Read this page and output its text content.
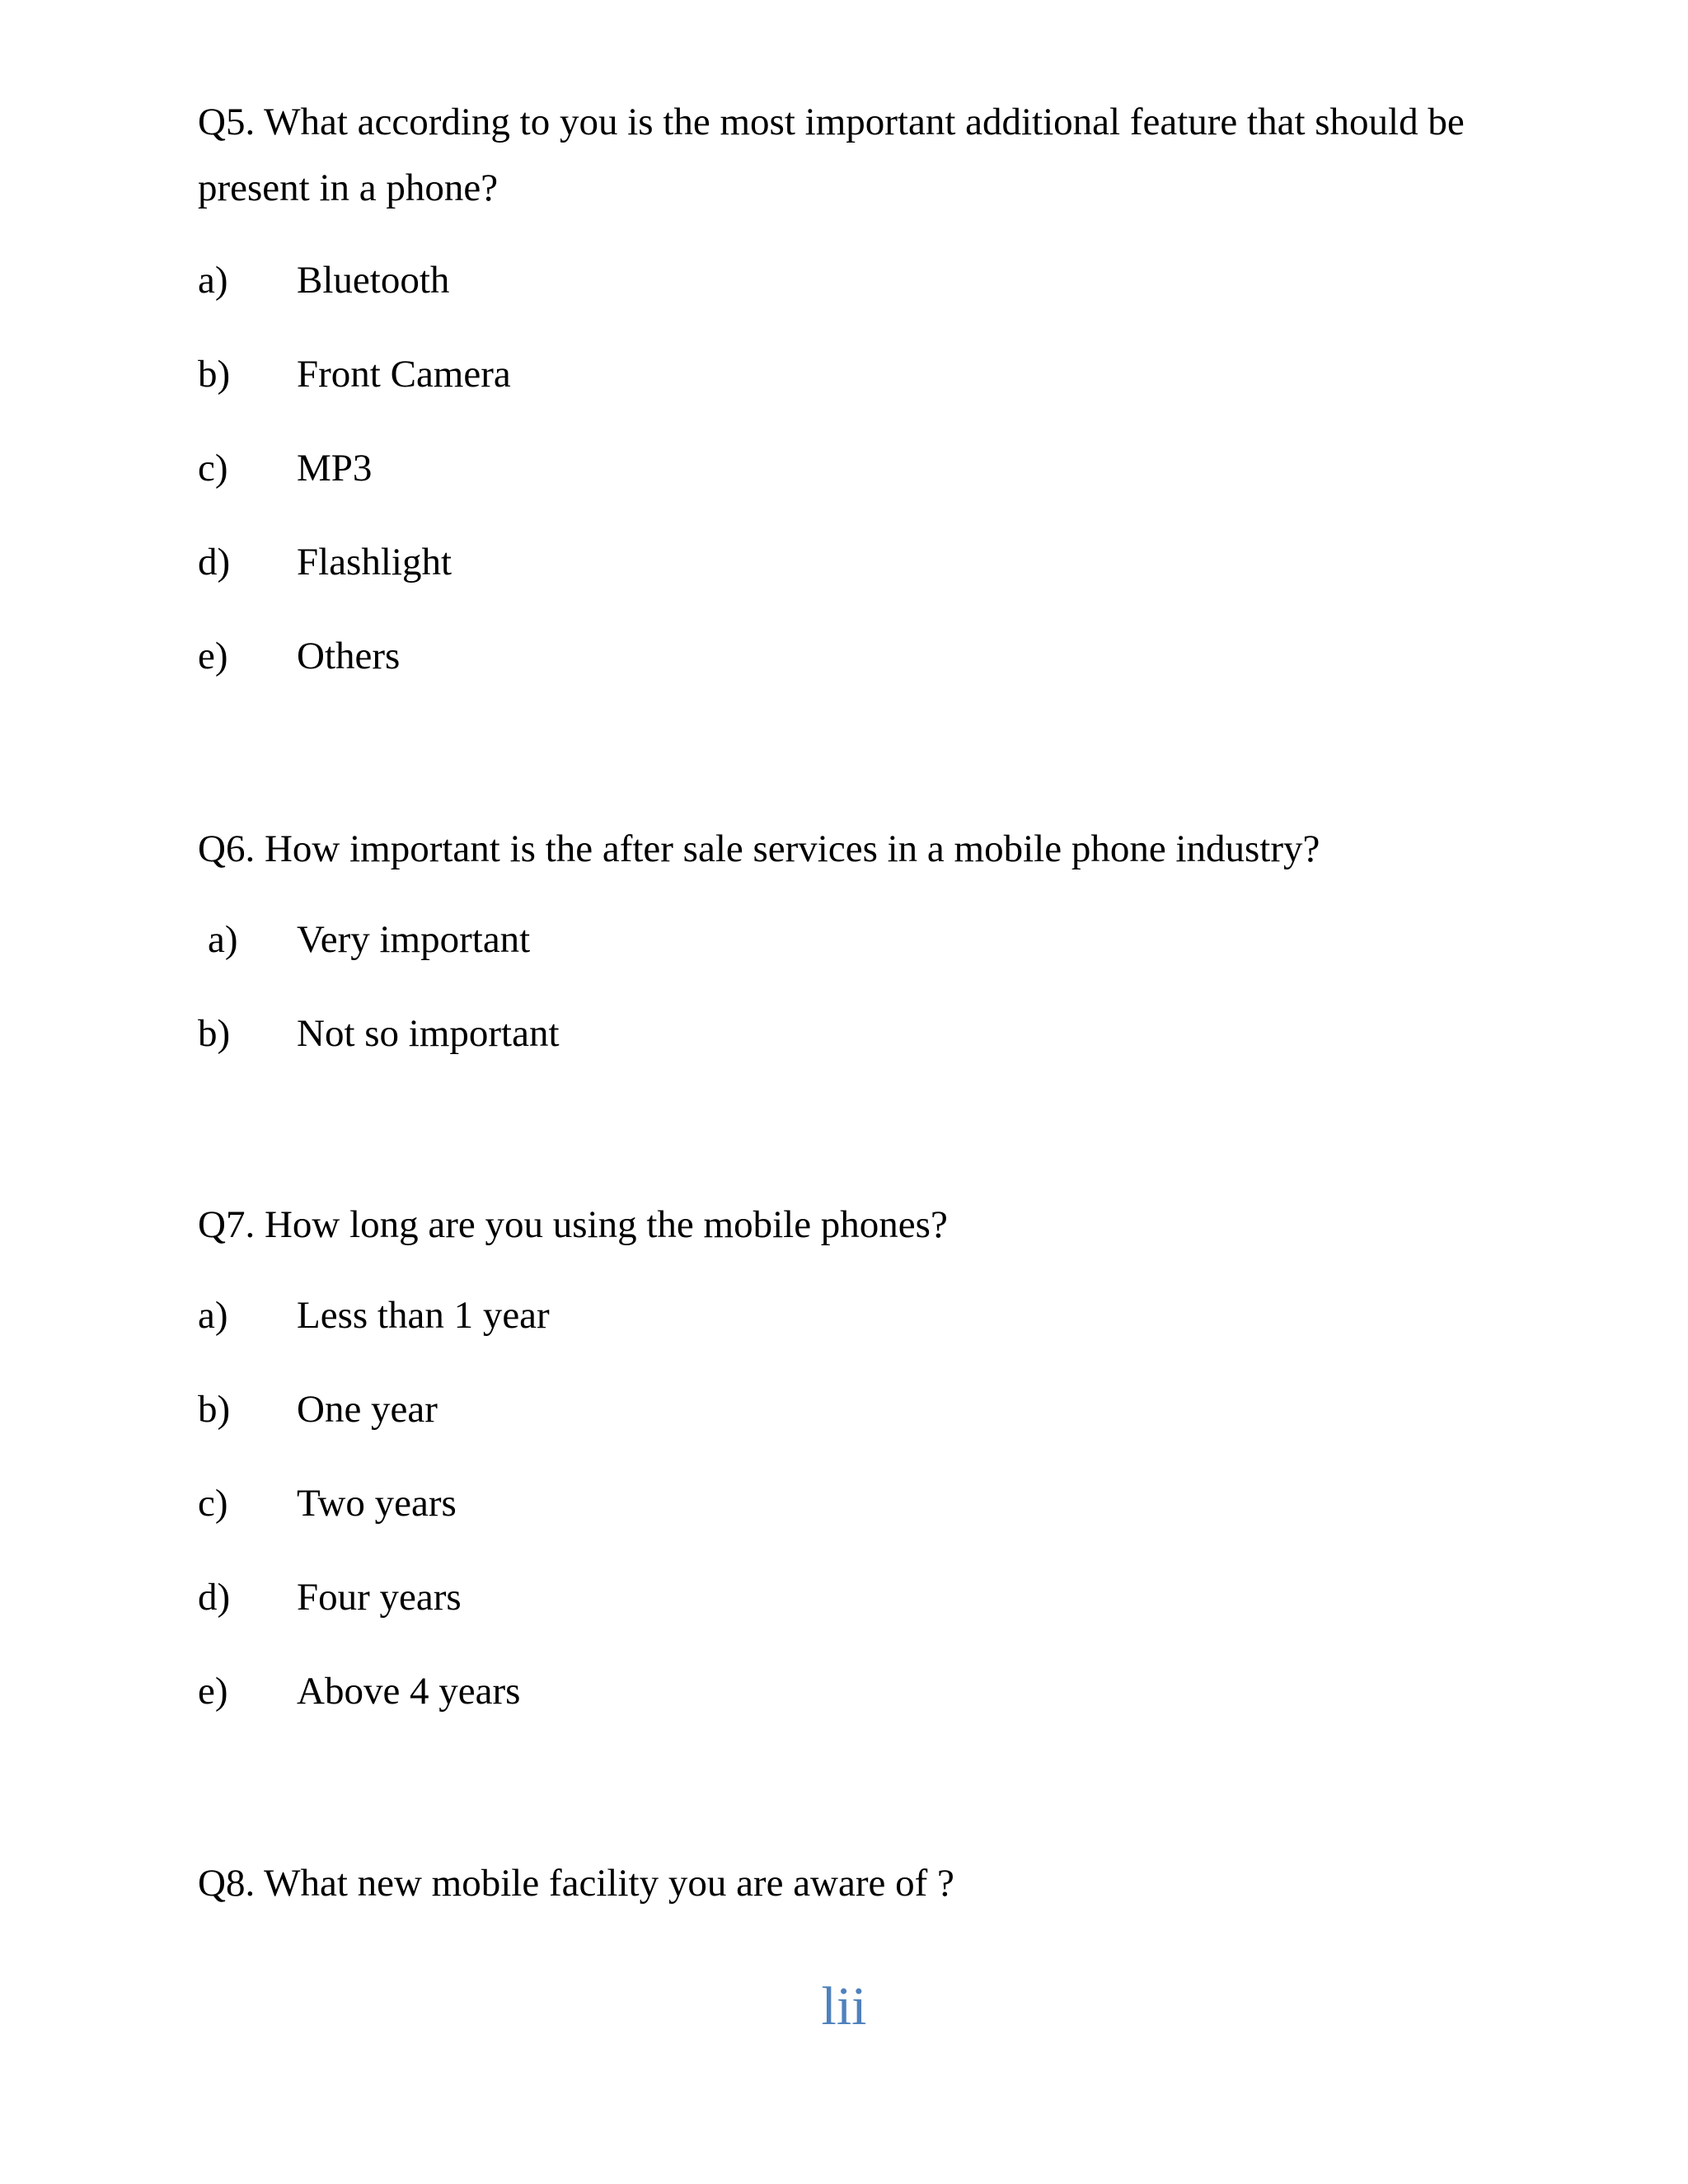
Q5. What according to you is the most important additional feature that should be present in a phone?

a) Bluetooth
b) Front Camera
c) MP3
d) Flashlight
e) Others

Q6. How important is the after sale services in a mobile phone industry?

a) Very important
b) Not so important

Q7. How long are you using the mobile phones?

a) Less than 1 year
b) One year
c) Two years
d) Four years
e) Above 4 years

Q8. What new mobile facility you are aware of ?

lii
